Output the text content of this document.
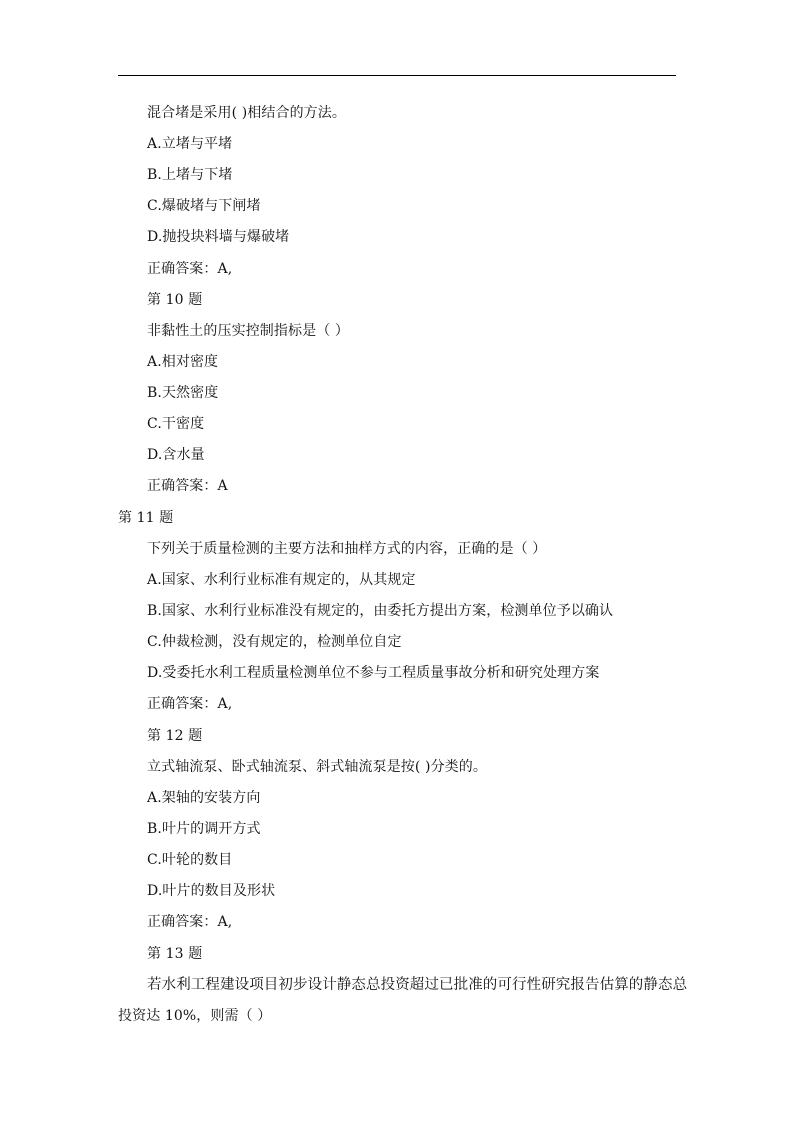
混合堵是采用( )相结合的方法。
A.立堵与平堵
B.上堵与下堵
C.爆破堵与下闸堵
D.抛投块料墙与爆破堵
正确答案：A,
第 10 题
非黏性土的压实控制指标是（ ）
A.相对密度
B.天然密度
C.干密度
D.含水量
正确答案：A
第 11 题
下列关于质量检测的主要方法和抽样方式的内容，正确的是（ ）
A.国家、水利行业标准有规定的，从其规定
B.国家、水利行业标准没有规定的，由委托方提出方案，检测单位予以确认
C.仲裁检测，没有规定的，检测单位自定
D.受委托水利工程质量检测单位不参与工程质量事故分析和研究处理方案
正确答案：A,
第 12 题
立式轴流泵、卧式轴流泵、斜式轴流泵是按( )分类的。
A.架轴的安装方向
B.叶片的调开方式
C.叶轮的数目
D.叶片的数目及形状
正确答案：A,
第 13 题
若水利工程建设项目初步设计静态总投资超过已批准的可行性研究报告估算的静态总
投资达 10%，则需（ ）
